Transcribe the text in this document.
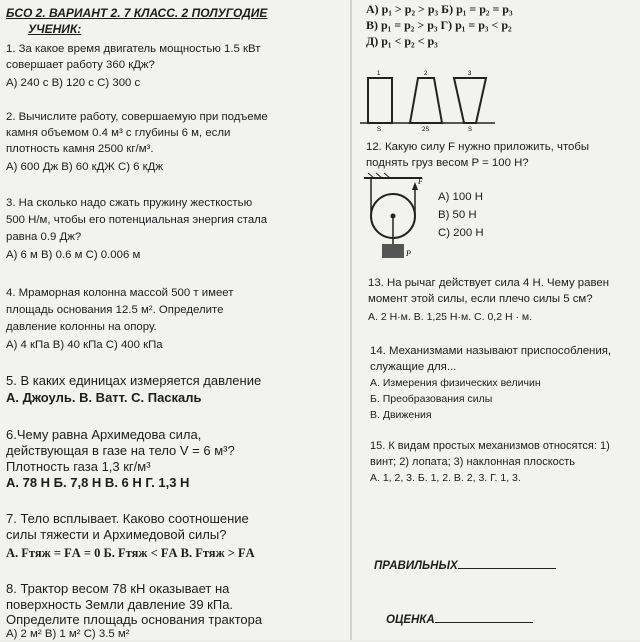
БСО 2. ВАРИАНТ 2. 7 КЛАСС. 2 ПОЛУГОДИЕ
УЧЕНИК:
1. За какое время двигатель мощностью 1.5 кВт
совершает работу 360 кДж?
А) 240 с В) 120 с С) 300 с
2. Вычислите работу, совершаемую при подъеме
камня объемом 0.4 м³ с глубины 6 м, если
плотность камня 2500 кг/м³.
А) 600 Дж В) 60 кДЖ С) 6 кДж
3. На сколько надо сжать пружину жесткостью
500 Н/м, чтобы его потенциальная энергия стала
равна 0.9 Дж?
А) 6 м В) 0.6 м С) 0.006 м
4. Мраморная колонна массой 500 т имеет
площадь основания 12.5 м². Определите
давление колонны на опору.
А) 4 кПа В) 40 кПа С) 400 кПа
5. В каких единицах измеряется давление
А. Джоуль. В. Ватт. С. Паскаль
6.Чему равна Архимедова сила,
действующая в газе на тело V = 6 м³?
Плотность газа 1,3 кг/м³
А. 78 Н Б. 7,8 Н В. 6 Н Г. 1,3 Н
7. Тело всплывает. Каково соотношение
силы тяжести и Архимедовой силы?
А. Fтяж = FА = 0 Б. Fтяж < FА В. Fтяж > FА
8. Трактор весом 78 кН оказывает на
поверхность Земли давление 39 кПа.
Определите площадь основания трактора
А) 2 м² В) 1 м² С) 3.5 м²
А) p₁ > p₂ > p₃ Б) p₁ = p₂ = p₃
В) p₁ = p₂ > p₃ Г) p₁ = p₃ < p₂
Д) p₁ < p₂ < p₃
1	2	3
S	2S	S
12. Какую силу F нужно приложить, чтобы
поднять груз весом P = 100 Н?
F
P
А) 100 Н
В) 50 Н
С) 200 Н
13. На рычаг действует сила 4 Н. Чему равен
момент этой силы, если плечо силы 5 см?
А. 2 Н·м. В. 1,25 Н·м. С. 0,2 Н · м.
14. Механизмами называют приспособления,
служащие для...
А. Измерения физических величин
Б. Преобразования силы
В. Движения
15. К видам простых механизмов относятся: 1)
винт; 2) лопата; 3) наклонная плоскость
А. 1, 2, 3. Б. 1, 2. В. 2, 3. Г. 1, 3.
ПРАВИЛЬНЫХ
ОЦЕНКА
